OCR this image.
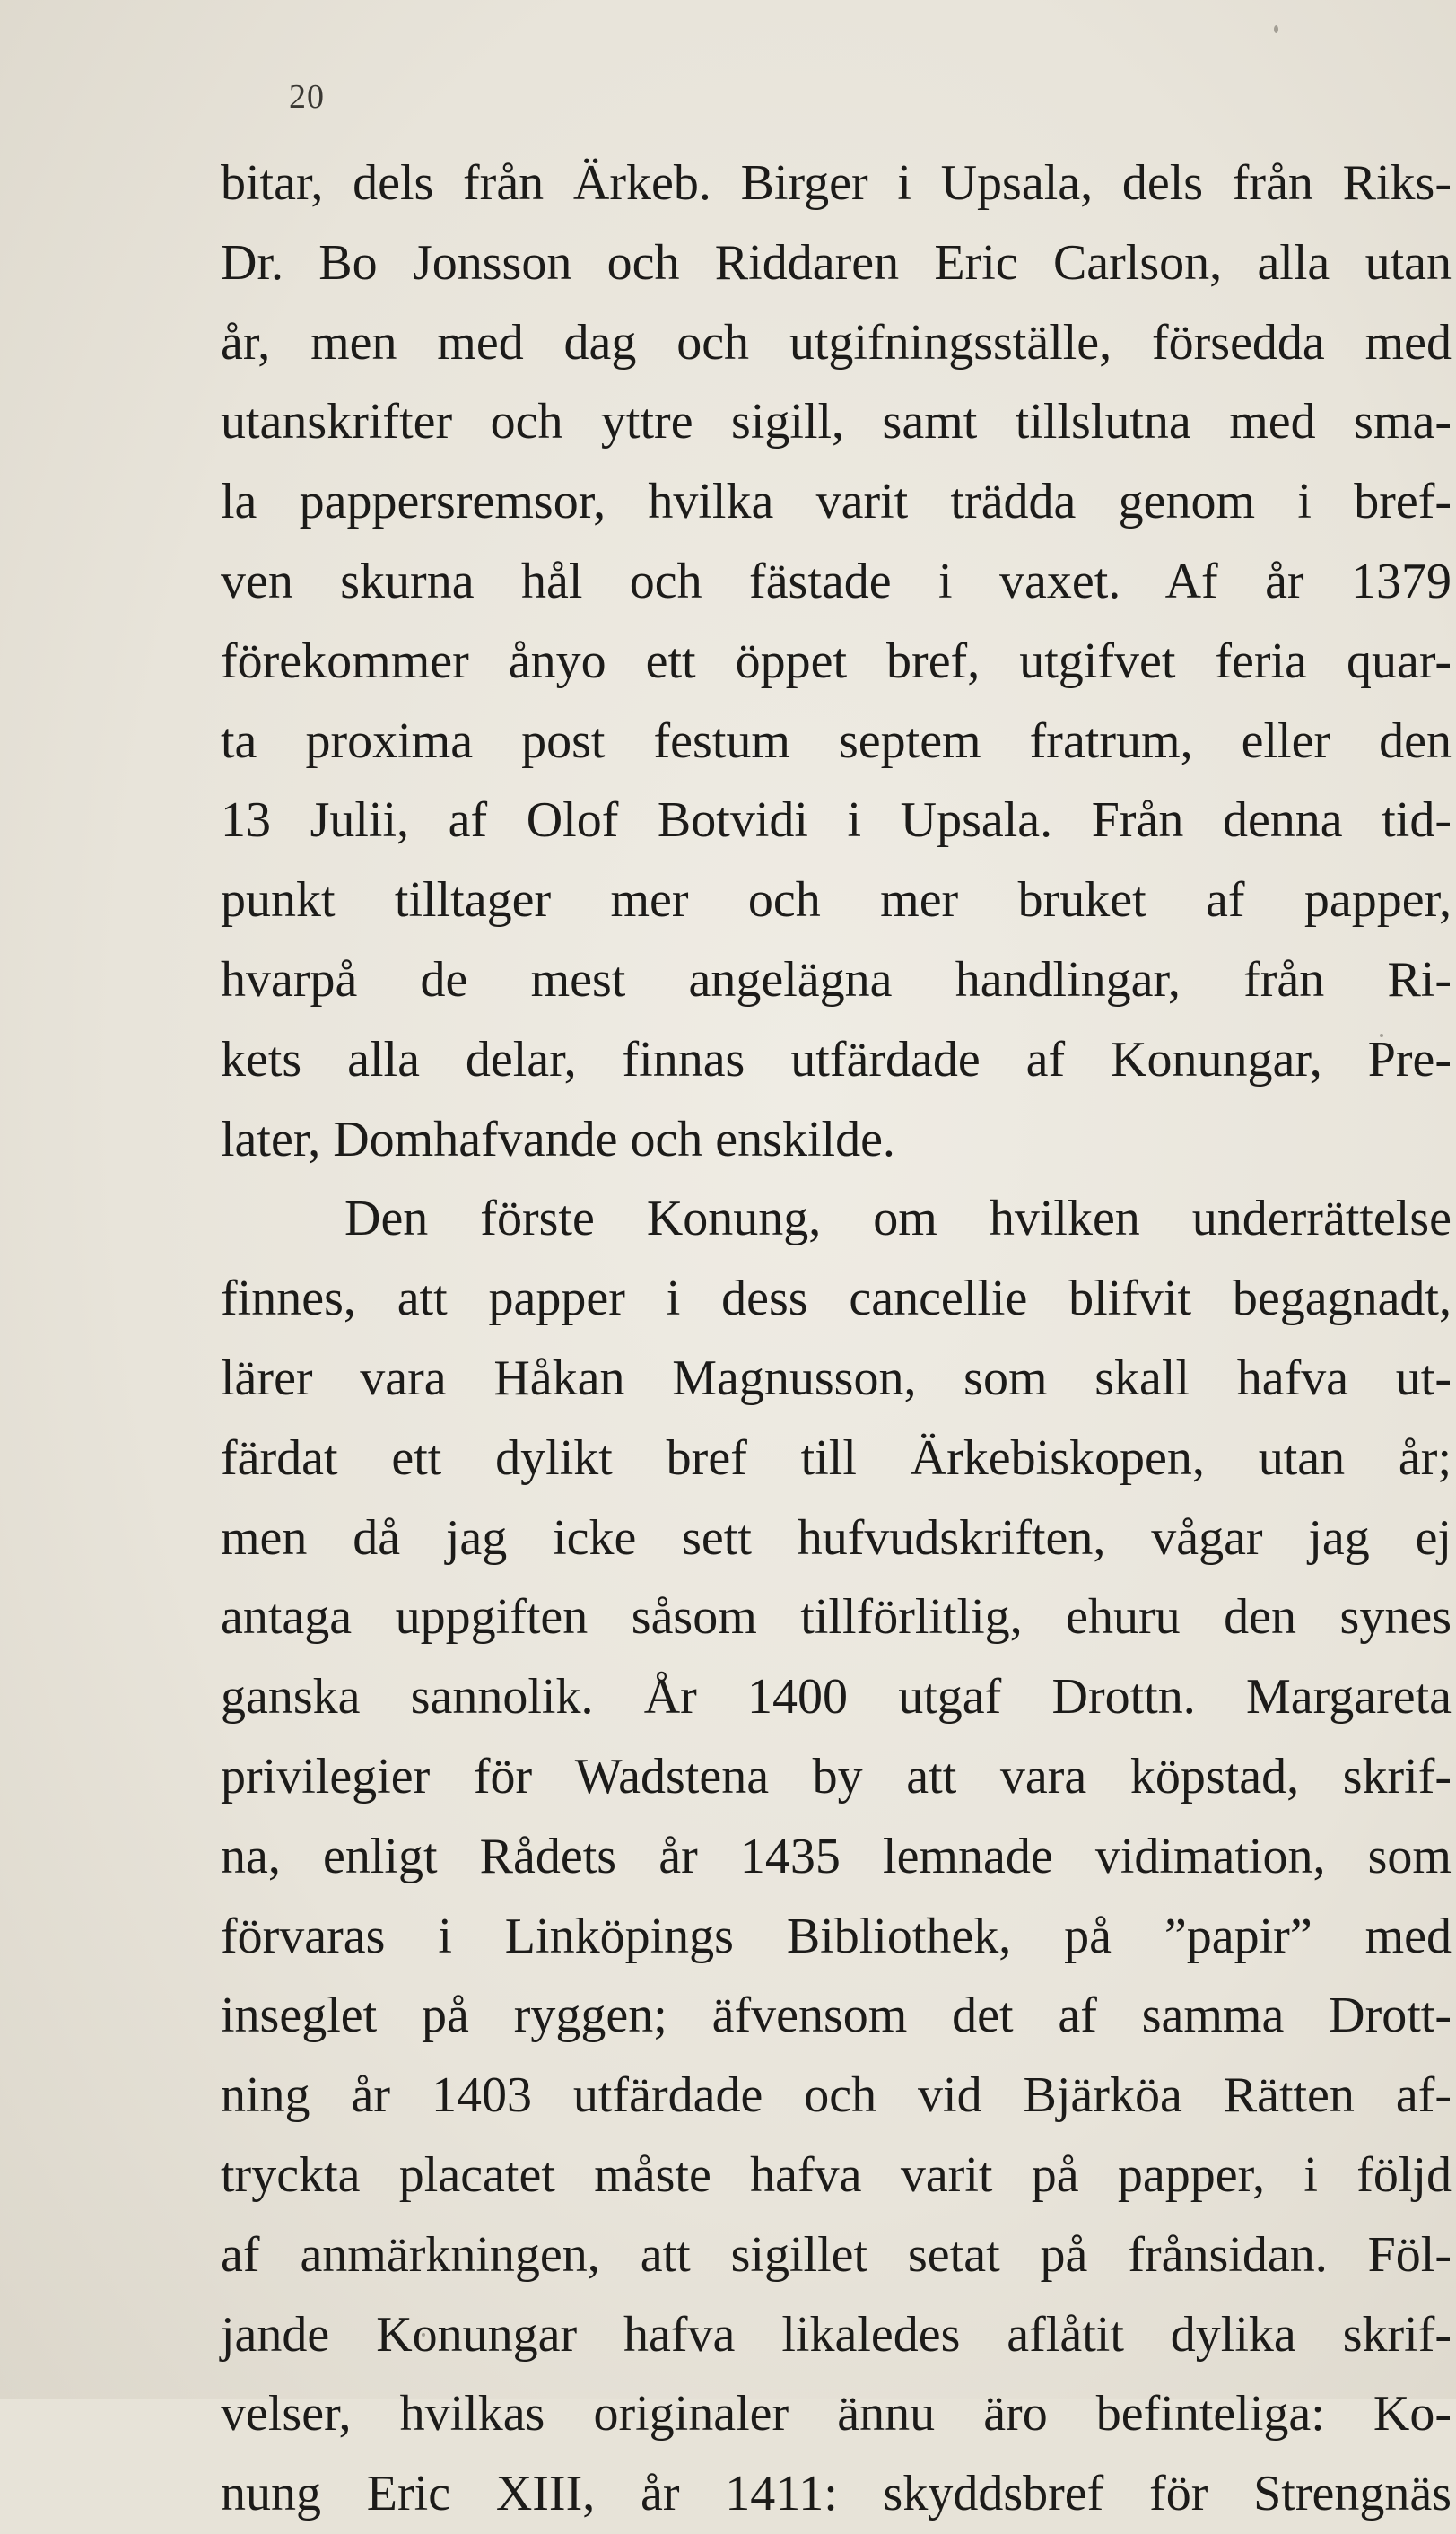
20
bitar, dels från Ärkeb. Birger i Upsala, dels från Riks-
Dr. Bo Jonsson och Riddaren Eric Carlson, alla utan
år, men med dag och utgifningsställe, försedda med
utanskrifter och yttre sigill, samt tillslutna med sma-
la pappersremsor, hvilka varit trädda genom i bref-
ven skurna hål och fästade i vaxet. Af år 1379
förekommer ånyo ett öppet bref, utgifvet feria quar-
ta proxima post festum septem fratrum, eller den
13 Julii, af Olof Botvidi i Upsala. Från denna tid-
punkt tilltager mer och mer bruket af papper,
hvarpå de mest angelägna handlingar, från Ri-
kets alla delar, finnas utfärdade af Konungar, Pre-
later, Domhafvande och enskilde.
Den förste Konung, om hvilken underrättelse
finnes, att papper i dess cancellie blifvit begagnadt,
lärer vara Håkan Magnusson, som skall hafva ut-
färdat ett dylikt bref till Ärkebiskopen, utan år;
men då jag icke sett hufvudskriften, vågar jag ej
antaga uppgiften såsom tillförlitlig, ehuru den synes
ganska sannolik. År 1400 utgaf Drottn. Margareta
privilegier för Wadstena by att vara köpstad, skrif-
na, enligt Rådets år 1435 lemnade vidimation, som
förvaras i Linköpings Bibliothek, på ”papir” med
inseglet på ryggen; äfvensom det af samma Drott-
ning år 1403 utfärdade och vid Bjärköa Rätten af-
tryckta placatet måste hafva varit på papper, i följd
af anmärkningen, att sigillet setat på frånsidan. Föl-
jande Konungar hafva likaledes aflåtit dylika skrif-
velser, hvilkas originaler ännu äro befinteliga: Ko-
nung Eric XIII, år 1411: skyddsbref för Strengnäs
